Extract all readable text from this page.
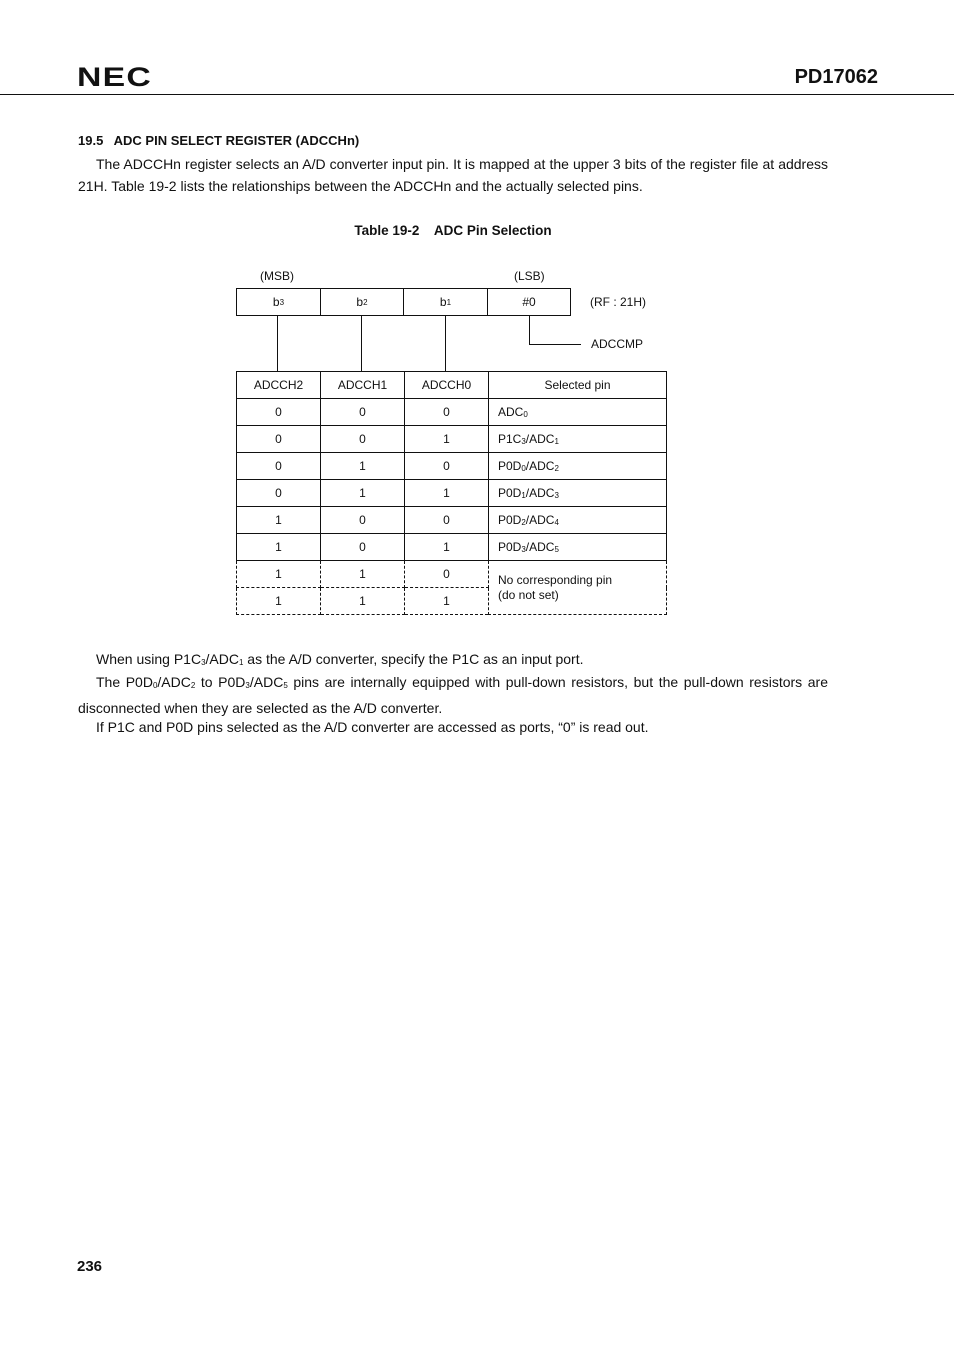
NEC	PD17062
19.5   ADC PIN SELECT REGISTER (ADCCHn)
The ADCCHn register selects an A/D converter input pin. It is mapped at the upper 3 bits of the register file at address 21H. Table 19-2 lists the relationships between the ADCCHn and the actually selected pins.
Table 19-2    ADC Pin Selection
(MSB)	(LSB)
b 3	b 2	b 1	#0	(RF : 21H)
ADCCMP
ADCCH2	ADCCH1	ADCCH0	Selected pin
0	0	0	$ADC_0$
0	0	1	$P1C_3/ADC_1$
0	1	0	$P0D_0/ADC_2$
0	1	1	$P0D_1/ADC_3$
1	0	0	$P0D_2/ADC_4$
1	0	1	$P0D_3/ADC_5$
1	1	0	No corresponding pin
(do not set)
1	1	1	
When using $P1C_3/ADC_1$ as the A/D converter, specify the P1C as an input port.
The $P0D_0/ADC_2$ to $P0D_3/ADC_5$ pins are internally equipped with pull-down resistors, but the pull-down resistors are disconnected when they are selected as the A/D converter.
If P1C and P0D pins selected as the A/D converter are accessed as ports, “0” is read out.
236
